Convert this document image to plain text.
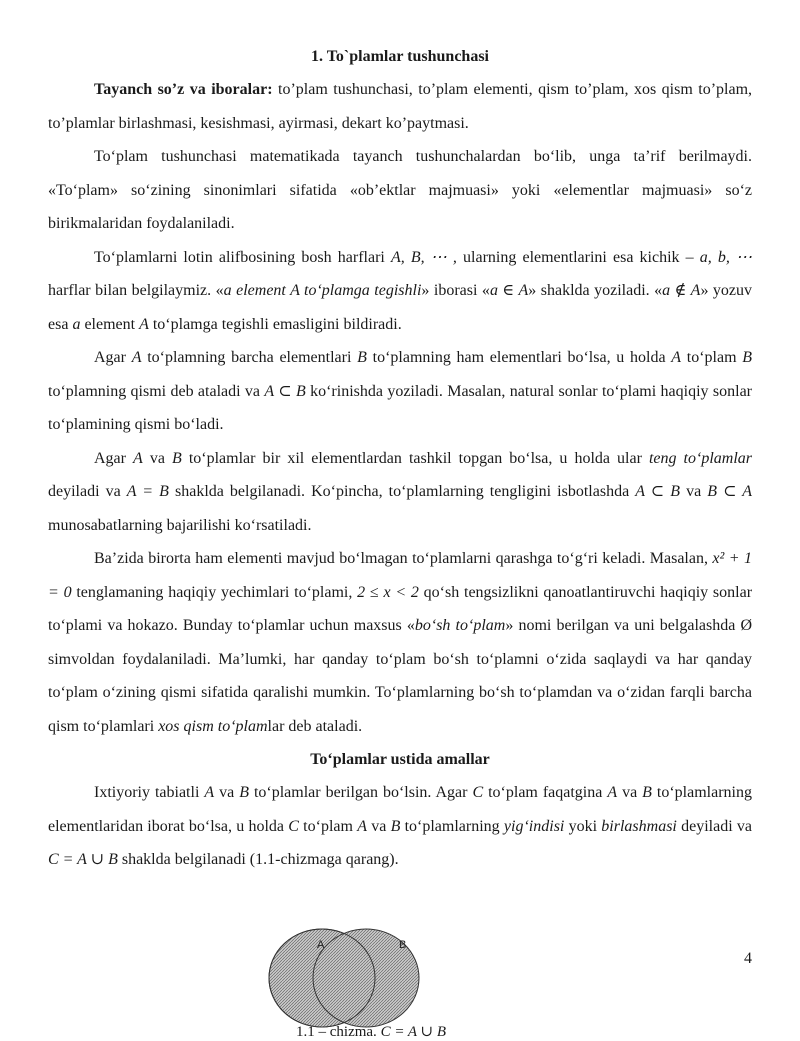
1. To`plamlar tushunchasi

Tayanch so’z va iboralar: to’plam tushunchasi, to’plam elementi, qism to’plam, xos qism to’plam, to’plamlar birlashmasi, kesishmasi, ayirmasi, dekart ko’paytmasi.

To‘plam tushunchasi matematikada tayanch tushunchalardan bo‘lib, unga ta’rif berilmaydi. «To‘plam» so‘zining sinonimlari sifatida «ob’ektlar majmuasi» yoki «elementlar majmuasi» so‘z birikmalaridan foydalaniladi.

To‘plamlarni lotin alifbosining bosh harflari A, B, ⋯ , ularning elementlarini esa kichik – a, b, ⋯ harflar bilan belgilaymiz. «a element A to‘plamga tegishli» iborasi «a ∈ A» shaklda yoziladi. «a ∉ A» yozuv esa a element A to‘plamga tegishli emasligini bildiradi.

Agar A to‘plamning barcha elementlari B to‘plamning ham elementlari bo‘lsa, u holda A to‘plam B to‘plamning qismi deb ataladi va A ⊂ B ko‘rinishda yoziladi. Masalan, natural sonlar to‘plami haqiqiy sonlar to‘plamining qismi bo‘ladi.

Agar A va B to‘plamlar bir xil elementlardan tashkil topgan bo‘lsa, u holda ular teng to‘plamlar deyiladi va A = B shaklda belgilanadi. Ko‘pincha, to‘plamlarning tengligini isbotlashda A ⊂ B va B ⊂ A munosabatlarning bajarilishi ko‘rsatiladi.

Ba’zida birorta ham elementi mavjud bo‘lmagan to‘plamlarni qarashga to‘g‘ri keladi. Masalan, x² + 1 = 0 tenglamaning haqiqiy yechimlari to‘plami, 2 ≤ x < 2 qo‘sh tengsizlikni qanoatlantiruvchi haqiqiy sonlar to‘plami va hokazo. Bunday to‘plamlar uchun maxsus «bo‘sh to‘plam» nomi berilgan va uni belgalashda Ø simvoldan foydalaniladi. Ma’lumki, har qanday to‘plam bo‘sh to‘plamni o‘zida saqlaydi va har qanday to‘plam o‘zining qismi sifatida qaralishi mumkin. To‘plamlarning bo‘sh to‘plamdan va o‘zidan farqli barcha qism to‘plamlari xos qism to‘plamlar deb ataladi.

To‘plamlar ustida amallar

Ixtiyoriy tabiatli A va B to‘plamlar berilgan bo‘lsin. Agar C to‘plam faqatgina A va B to‘plamlarning elementlaridan iborat bo‘lsa, u holda C to‘plam A va B to‘plamlarning yig‘indisi yoki birlashmasi deyiladi va C = A ∪ B shaklda belgilanadi (1.1-chizmaga qarang).

A	B
1.1 – chizma. C = A ∪ B
4
